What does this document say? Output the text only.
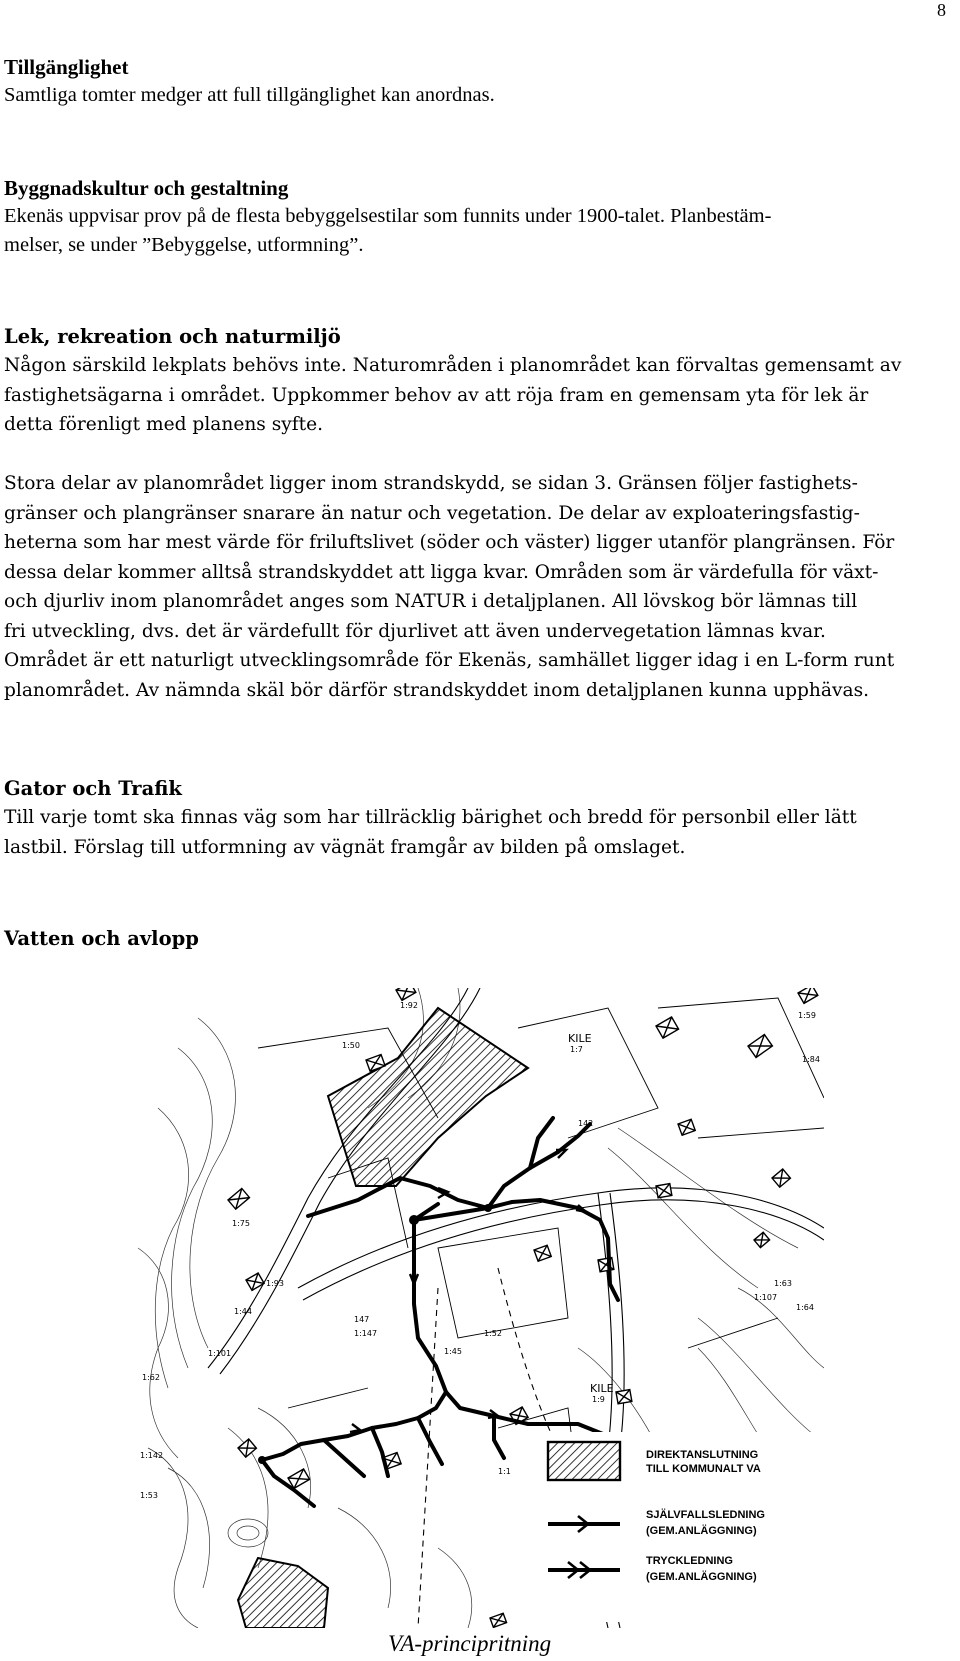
8

Tillgänglighet

Samtliga tomter medger att full tillgänglighet kan anordnas.

Byggnadskultur och gestaltning

Ekenäs uppvisar prov på de flesta bebyggelsestilar som funnits under 1900-talet. Planbestäm-

melser, se under ”Bebyggelse, utformning”.

Lek, rekreation och naturmiljö

Någon särskild lekplats behövs inte. Naturområden i planområdet kan förvaltas gemensamt av

fastighetsägarna i området. Uppkommer behov av att röja fram en gemensam yta för lek är

detta förenligt med planens syfte.

Stora delar av planområdet ligger inom strandskydd, se sidan 3. Gränsen följer fastighets-

gränser och plangränser snarare än natur och vegetation. De delar av exploateringsfastig-

heterna som har mest värde för friluftslivet (söder och väster) ligger utanför plangränsen. För

dessa delar kommer alltså strandskyddet att ligga kvar. Områden som är värdefulla för växt-

och djurliv inom planområdet anges som NATUR i detaljplanen. All lövskog bör lämnas till

fri utveckling, dvs. det är värdefullt för djurlivet att även undervegetation lämnas kvar.

Området är ett naturligt utvecklingsområde för Ekenäs, samhället ligger idag i en L-form runt

planområdet. Av nämnda skäl bör därför strandskyddet inom detaljplanen kunna upphävas.

Gator och Trafik

Till varje tomt ska finnas väg som har tillräcklig bärighet och bredd för personbil eller lätt

lastbil. Förslag till utformning av vägnät framgår av bilden på omslaget.

Vatten och avlopp

KILE
1:7
KILE
1:9
1:92
1:50
1:75
1:93
1:147	1:52
1:62
1:63
1:64
1:107
1:142
1:101
1:53
1:59
1:84
142
147
1:44
1:45
1:1
DIREKTANSLUTNING
TILL KOMMUNALT VA
SJÄLVFALLSLEDNING
(GEM.ANLÄGGNING)
TRYCKLEDNING
(GEM.ANLÄGGNING)
VA-principritning
